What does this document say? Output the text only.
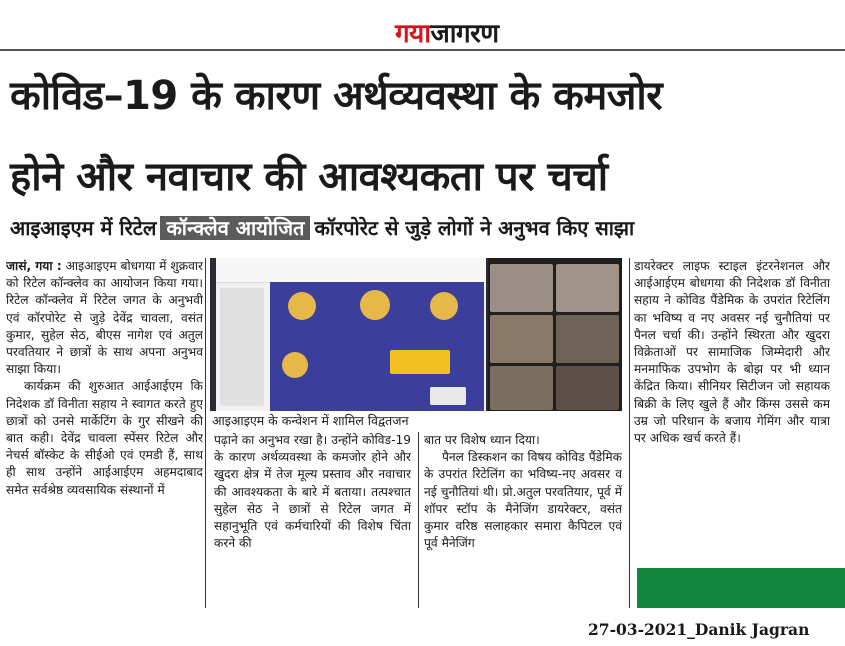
गयाजागरण
कोविड–19 के कारण अर्थव्यवस्था के कमजोर
होने और नवाचार की आवश्यकता पर चर्चा
आइआइएम में रिटेल कॉन्क्लेव आयोजित कॉरपोरेट से जुड़े लोगों ने अनुभव किए साझा

जासं, गया : आइआइएम बोधगया में शुक्रवार को रिटेल कॉन्क्लेव का आयोजन किया गया। रिटेल कॉन्क्लेव में रिटेल जगत के अनुभवी एवं कॉरपोरेट से जुड़े देवेंद्र चावला, वसंत कुमार, सुहेल सेठ, बीएस नागेश एवं अतुल परवतियार ने छात्रों के साथ अपना अनुभव साझा किया।

कार्यक्रम की शुरुआत आईआईएम कि निदेशक डॉ विनीता सहाय ने स्वागत करते हुए छात्रों को उनसे मार्केटिंग के गुर सीखने की बात कही। देवेंद्र चावला स्पेंसर रिटेल और नेचर्स बॉस्केट के सीईओ एवं एमडी हैं, साथ ही साथ उन्होंने आईआईएम अहमदाबाद समेत सर्वश्रेष्ठ व्यवसायिक संस्थानों में

आइआइएम के कन्वेशन में शामिल विद्वतजन

पढ़ाने का अनुभव रखा है। उन्होंने कोविड-19 के कारण अर्थव्यवस्था के कमजोर होने और खुदरा क्षेत्र में तेज मूल्य प्रस्ताव और नवाचार की आवश्यकता के बारे में बताया। तत्पश्चात सुहेल सेठ ने छात्रों से रिटेल जगत में सहानुभूति एवं कर्मचारियों की विशेष चिंता करने की

बात पर विशेष ध्यान दिया।

पैनल डिस्कशन का विषय कोविड पैंडेमिक के उपरांत रिटेलिंग का भविष्य-नए अवसर व नई चुनौतियां थी। प्रो.अतुल परवतियार, पूर्व में शॉपर स्टॉप के मैनेजिंग डायरेक्टर, वसंत कुमार वरिष्ठ सलाहकार समारा कैपिटल एवं पूर्व मैनेजिंग

डायरेक्टर लाइफ स्टाइल इंटरनेशनल और आईआईएम बोधगया की निदेशक डॉ विनीता सहाय ने कोविड पैंडेमिक के उपरांत रिटेलिंग का भविष्य व नए अवसर नई चुनौतियां पर पैनल चर्चा की। उन्होंने स्थिरता और खुदरा विक्रेताओं पर सामाजिक जिम्मेदारी और मनमाफिक उपभोग के बोझ पर भी ध्यान केंद्रित किया। सीनियर सिटीजन जो सहायक बिक्री के लिए खुले हैं और किंग्स उससे कम उम्र जो परिधान के बजाय गेमिंग और यात्रा पर अधिक खर्च करते हैं।

27-03-2021_Danik Jagran
